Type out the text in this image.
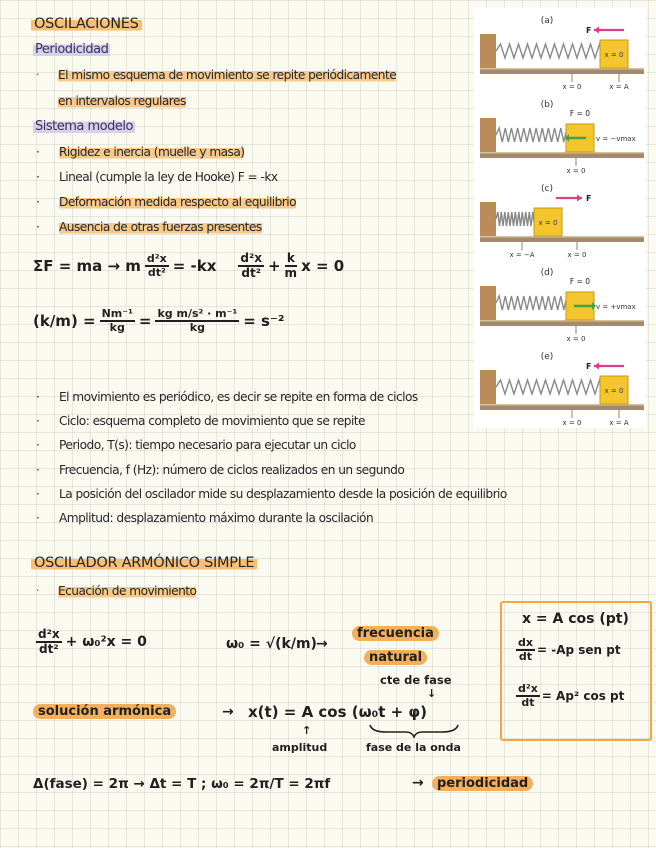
OSCILACIONES
Periodicidad
· El mismo esquema de movimiento se repite periódicamente
en intervalos regulares
Sistema modelo
· Rigidez e inercia (muelle y masa)
· Lineal (cumple la ley de Hooke) F = -kx
· Deformación medida respecto al equilibrio
· Ausencia de otras fuerzas presentes
ΣF = ma → m $\frac{\text{d²x}}{\text{dt²}} = -kx \frac{\text{d²x}}{\text{dt²}} + \frac{k}{m}$ x = 0
$(k/m) = \frac{\text{Nm⁻¹}}{kg} = \frac{\text{kg m/s² · m⁻¹}}{kg} = s^{-2}$
· El movimiento es periódico, es decir se repite en forma de ciclos
· Ciclo: esquema completo de movimiento que se repite
· Periodo, T(s): tiempo necesario para ejecutar un ciclo
· Frecuencia, f (Hz): número de ciclos realizados en un segundo
· La posición del oscilador mide su desplazamiento desde la posición de equilibrio
· Amplitud: desplazamiento máximo durante la oscilación
(a)
x = 0
F
x = 0	x = A
(b)
F = 0
v = −vmax
x = 0
(c)
x = 0
F
x = −A	x = 0
(d)
F = 0
v = +vmax
x = 0
(e)
x = 0
F
x = 0	x = A
OSCILADOR ARMÓNICO SIMPLE
· Ecuación de movimiento
$\frac{\text{d²x}}{\text{dt²}} + \omega_0^2x = 0$	ω₀ = √(k/m) →
frecuencia
natural
cte de fase
↓
solución armónica	→ x(t) = A cos (ω₀t + φ)
↑
amplitud	fase de la onda
Δ(fase) = 2π → Δt = T ; ω₀ = 2π/T = 2πf	→	periodicidad
x = A cos (pt)
$\frac{dx}{dt} = -Ap$ sen pt
$\frac{\text{d²x}}{dt} = Ap^2$ cos pt
